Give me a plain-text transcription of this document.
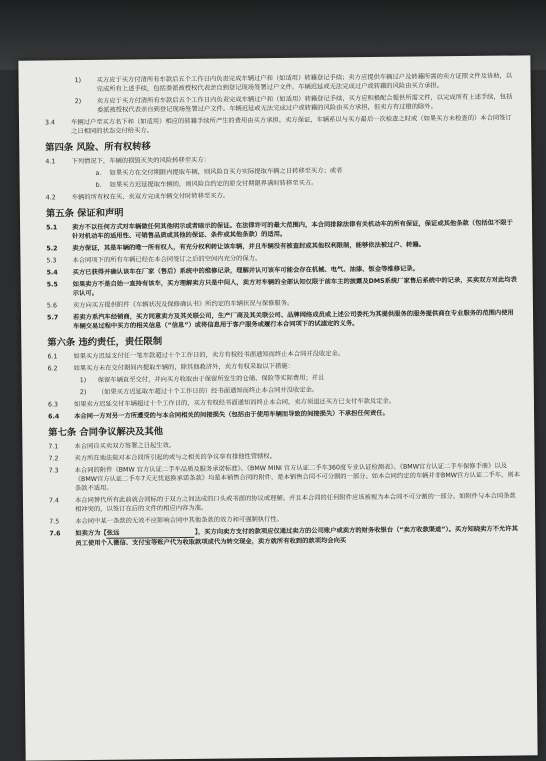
1)	买方应于买方付清所有车款后五个工作日内负责完成车辆过户和（如适用）转籍登记手续；卖方应提供车辆过户及转籍所需的卖方证照文件及协助，以完成所有上述手续，包括委派被授权代表亲自到登记现场签署过户文件。车辆迟延或无法完成过户或转籍的风险由买方承担。
2)	卖方应于买方付清所有车款后五个工作日内负责完成车辆过户和（如适用）转籍登记手续，买方应积极配合提供所需文件，以完成所有上述手续，包括委派被授权代表亲自到登记现场签署过户文件。车辆迟延或无法完成过户或转籍的风险由买方承担，但卖方有过错的除外。
3.4	车辆过户至买方名下和（如适用）相应的转籍手续所产生的费用由买方承担。卖方保证，车辆系以与买方最后一次检查之时或（如果买方未检查的）本合同签订之日相同的状态交付给买方。
第四条 风险、所有权转移
4.1	下列情况下，车辆的损毁灭失的风险转移至买方：
a.	如果买方在交付期限内提取车辆，则风险自买方实际提取车辆之日转移至买方；或者
b.	如果买方迟延提取车辆的，则风险自约定的原交付期限界满时转移至买方。
4.2	车辆的所有权在买、卖双方完成车辆交付时转移至买方。
第五条 保证和声明
5.1	卖方不以任何方式对车辆做任何其他明示或者暗示的保证。在法律许可的最大范围内，本合同排除法律有关机动车的所有保证，保证或其他条款（包括但不限于针对机动车的适用性、可销售品质或其他的保证、条件或其他条款）的适用。
5.2	卖方保证，其是车辆的唯一所有权人，有充分权利转让该车辆，并且车辆没有被查封或其他权利限制，能够依法被过户、转籍。
5.3	本合同项下的所有车辆已经在本合同签订之后的空间内充分的保力。
5.4	买方已获得并确认该车在厂家（售后）系统中的维修记录，理解并认可该车可能会存在机械、电气、油漆、钣金等维修记录。
5.5	如果卖方不是自始一直持有该车，买方理解卖方只是中间人，卖方对车辆的全部认知仅限于前车主的披露及DMS系统厂家售后系统中的记录，买卖双方对此均表示认可。
5.6	卖方向买方提供附件《车辆状况及保修确认书》所约定的车辆状况与保修服务。
5.7	若卖方系汽车经销商，买方同意卖方及其关联公司，生产厂商及其关联公司、品牌网络成员或上述公司委托为其提供服务的服务提供商在专业服务的范围内使用车辆交易过程中买方的相关信息（“信息”）或将信息用于客户服务或履行本合同项下的试滤定的义务。
第六条 违约责任，责任限制
6.1	如果买方迟延支付任一笔车款超过十个工作日的，卖方有权经书面通知而终止本合同并没收定金。
6.2	如果买方未在交付期间内提取车辆的，除其他救济外，卖方有权采取以下措施：
1)	保留车辆直至交付，并向买方收取由于保留所发生的仓储、保险等实际费用；并且
2)	（如果买方迟延取车超过十个工作日的）经书面通知而终止本合同并没收定金。
6.3	如果卖方迟延交付车辆超过十个工作日的，买方有权经书面通知而终止本合同，卖方须退还买方已支付车款及定金。
6.4	本合同一方对另一方所遭受的与本合同相关的间接损失（包括由于使用车辆而导致的间接损失）不承担任何责任。
第七条 合同争议解决及其他
7.1	本合同自买卖双方签署之日起生效。
7.2	卖方所在地法院对本合同所引起的或与之相关的争议享有排他性管辖权。
7.3	本合同的附件《BMW 官方认证二手车品质及服务承诺标准》、《BMW MINI 官方认证二手车360度专业认证检测表》、《BMW官方认证二手车保修手册》以及《BMW官方认证二手车7天无忧退换承诺条款》均是本销售合同的附件，是本销售合同不可分割的一部分。如本合同约定的车辆并非BMW官方认证二手车，则本条款不适用。
7.4	本合同替代所有此前就合同标的于双方之间达成的口头或书面的协议或理解。并且本合同的任何附件应该被视为本合同不可分割的一部分。如附件与本合同条款相冲突的，以签订在后的文件的相应内容为准。
7.5	本合同中某一条款的无效不应影响合同中其他条款的效力和可强制执行性。
7.6	如卖方为【张远	】，买方向卖方支付的款项应仅通过卖方的公司账户或卖方的财务收银台（“卖方收款渠道”）。买方知晓卖方不允许其员工使用个人微信、支付宝等账户代为收取款项或代为转交现金，卖方就所有收到的款项均会向买
